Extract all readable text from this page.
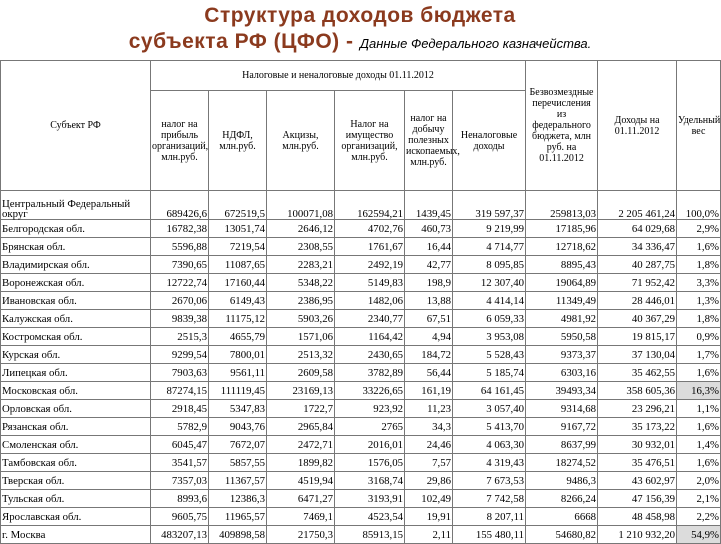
Структура доходов бюджета
субъекта РФ (ЦФО) - Данные Федерального казначейства.
Субъект РФ	Налоговые и неналоговые доходы 01.11.2012						Безвозмездные перечисления из федерального бюджета, млн руб. на 01.11.2012	Доходы на 01.11.2012	Удельный вес
	налог на прибыль организаций, млн.руб.	НДФЛ, млн.руб.	Акцизы, млн.руб.	Налог на имущество организаций, млн.руб.	налог на добычу полезных ископаемых, млн.руб.	Неналоговые доходы			
Центральный Федеральный округ	689426,6	672519,5	100071,08	162594,21	1439,45	319 597,37	259813,03	2 205 461,24	100,0%
Белгородская обл.	16782,38	13051,74	2646,12	4702,76	460,73	9 219,99	17185,96	64 029,68	2,9%
Брянская обл.	5596,88	7219,54	2308,55	1761,67	16,44	4 714,77	12718,62	34 336,47	1,6%
Владимирская обл.	7390,65	11087,65	2283,21	2492,19	42,77	8 095,85	8895,43	40 287,75	1,8%
Воронежская обл.	12722,74	17160,44	5348,22	5149,83	198,9	12 307,40	19064,89	71 952,42	3,3%
Ивановская обл.	2670,06	6149,43	2386,95	1482,06	13,88	4 414,14	11349,49	28 446,01	1,3%
Калужская обл.	9839,38	11175,12	5903,26	2340,77	67,51	6 059,33	4981,92	40 367,29	1,8%
Костромская обл.	2515,3	4655,79	1571,06	1164,42	4,94	3 953,08	5950,58	19 815,17	0,9%
Курская обл.	9299,54	7800,01	2513,32	2430,65	184,72	5 528,43	9373,37	37 130,04	1,7%
Липецкая обл.	7903,63	9561,11	2609,58	3782,89	56,44	5 185,74	6303,16	35 462,55	1,6%
Московская обл.	87274,15	111119,45	23169,13	33226,65	161,19	64 161,45	39493,34	358 605,36	16,3%
Орловская обл.	2918,45	5347,83	1722,7	923,92	11,23	3 057,40	9314,68	23 296,21	1,1%
Рязанская обл.	5782,9	9043,76	2965,84	2765	34,3	5 413,70	9167,72	35 173,22	1,6%
Смоленская обл.	6045,47	7672,07	2472,71	2016,01	24,46	4 063,30	8637,99	30 932,01	1,4%
Тамбовская обл.	3541,57	5857,55	1899,82	1576,05	7,57	4 319,43	18274,52	35 476,51	1,6%
Тверская обл.	7357,03	11367,57	4519,94	3168,74	29,86	7 673,53	9486,3	43 602,97	2,0%
Тульская обл.	8993,6	12386,3	6471,27	3193,91	102,49	7 742,58	8266,24	47 156,39	2,1%
Ярославская обл.	9605,75	11965,57	7469,1	4523,54	19,91	8 207,11	6668	48 458,98	2,2%
г. Москва	483207,13	409898,58	21750,3	85913,15	2,11	155 480,11	54680,82	1 210 932,20	54,9%
